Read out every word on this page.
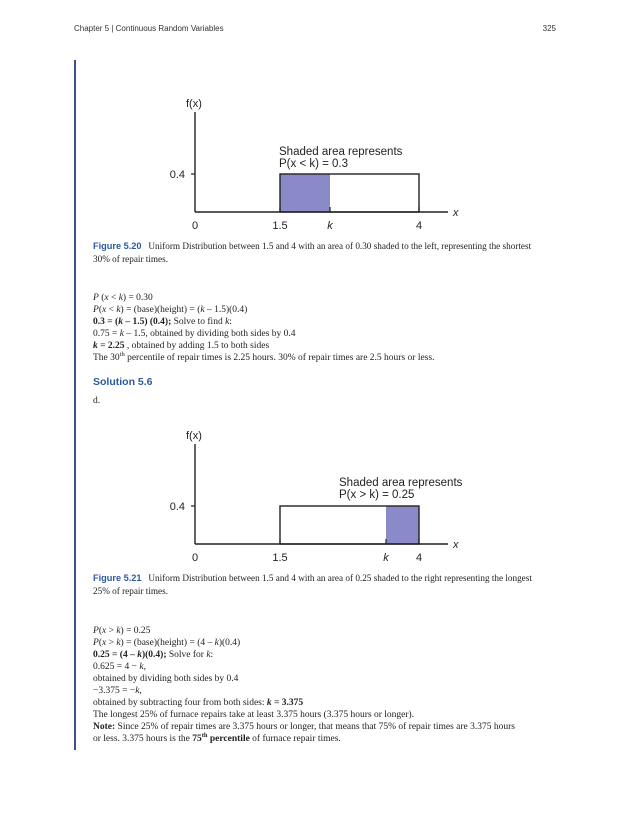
Chapter 5 | Continuous Random Variables	325
f(x)
x
0.4
0	1.5	k	4
Shaded area represents
P(x < k) = 0.3
Figure 5.20 Uniform Distribution between 1.5 and 4 with an area of 0.30 shaded to the left, representing the shortest 30% of repair times.
P (x < k) = 0.30
P(x < k) = (base)(height) = (k – 1.5)(0.4)
0.3 = (k – 1.5) (0.4); Solve to find k:
0.75 = k – 1.5, obtained by dividing both sides by 0.4
k = 2.25 , obtained by adding 1.5 to both sides
The 30th percentile of repair times is 2.25 hours. 30% of repair times are 2.5 hours or less.
Solution 5.6
d.
f(x)
x
0.4
0	1.5	k 4
Shaded area represents
P(x > k) = 0.25
Figure 5.21 Uniform Distribution between 1.5 and 4 with an area of 0.25 shaded to the right representing the longest 25% of repair times.
P(x > k) = 0.25
P(x > k) = (base)(height) = (4 – k)(0.4)
0.25 = (4 – k)(0.4); Solve for k:
0.625 = 4 − k,
obtained by dividing both sides by 0.4
−3.375 = −k,
obtained by subtracting four from both sides: k = 3.375
The longest 25% of furnace repairs take at least 3.375 hours (3.375 hours or longer).
Note: Since 25% of repair times are 3.375 hours or longer, that means that 75% of repair times are 3.375 hours
or less. 3.375 hours is the 75th percentile of furnace repair times.
